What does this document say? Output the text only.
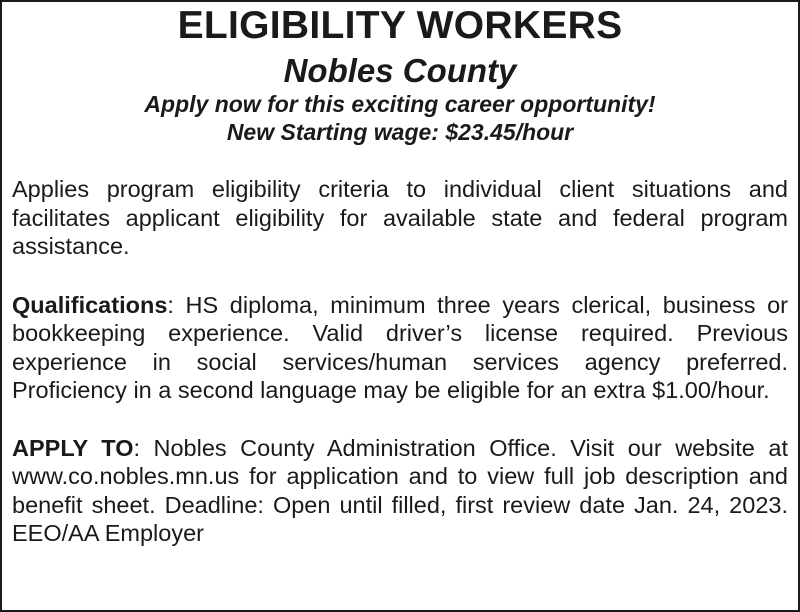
ELIGIBILITY WORKERS
Nobles County
Apply now for this exciting career opportunity!
New Starting wage: $23.45/hour

Applies program eligibility criteria to individual client situations and facilitates applicant eligibility for available state and federal program assistance.

Qualifications: HS diploma, minimum three years clerical, business or bookkeeping experience. Valid driver’s license required. Previous experience in social services/human services agency preferred. Proficiency in a second language may be eligible for an extra $1.00/hour.

APPLY TO: Nobles County Administration Office. Visit our website at www.co.nobles.mn.us for application and to view full job description and benefit sheet. Deadline: Open until filled, first review date Jan. 24, 2023. EEO/AA Employer
